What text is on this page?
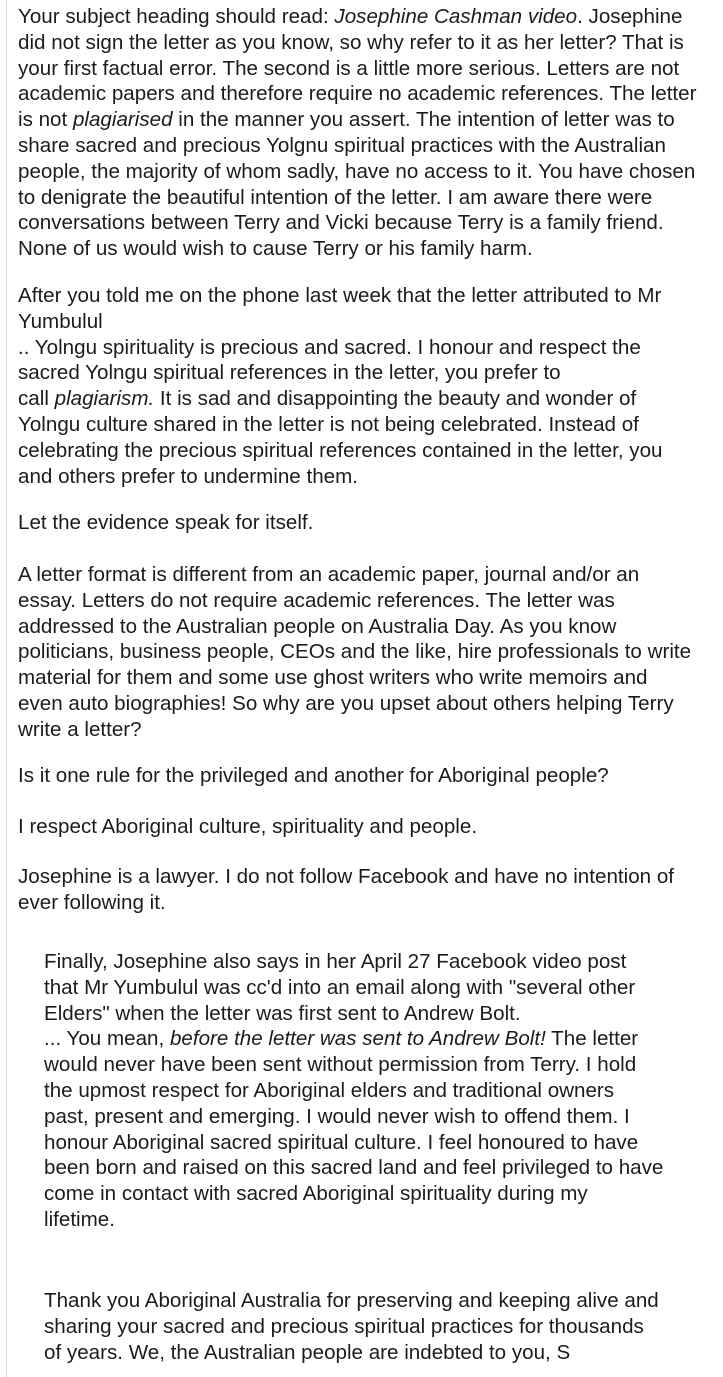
Your subject heading should read: Josephine Cashman video. Josephine
did not sign the letter as you know, so why refer to it as her letter? That is
your first factual error. The second is a little more serious. Letters are not
academic papers and therefore require no academic references. The letter
is not plagiarised in the manner you assert. The intention of letter was to
share sacred and precious Yolgnu spiritual practices with the Australian
people, the majority of whom sadly, have no access to it. You have chosen
to denigrate the beautiful intention of the letter. I am aware there were
conversations between Terry and Vicki because Terry is a family friend.
None of us would wish to cause Terry or his family harm.
After you told me on the phone last week that the letter attributed to Mr
Yumbulul
.. Yolngu spirituality is precious and sacred. I honour and respect the
sacred Yolngu spiritual references in the letter, you prefer to
call plagiarism. It is sad and disappointing the beauty and wonder of
Yolngu culture shared in the letter is not being celebrated. Instead of
celebrating the precious spiritual references contained in the letter, you
and others prefer to undermine them.
Let the evidence speak for itself.
A letter format is different from an academic paper, journal and/or an
essay. Letters do not require academic references. The letter was
addressed to the Australian people on Australia Day. As you know
politicians, business people, CEOs and the like, hire professionals to write
material for them and some use ghost writers who write memoirs and
even auto biographies! So why are you upset about others helping Terry
write a letter?
Is it one rule for the privileged and another for Aboriginal people?
I respect Aboriginal culture, spirituality and people.
Josephine is a lawyer. I do not follow Facebook and have no intention of
ever following it.
Finally, Josephine also says in her April 27 Facebook video post
that Mr Yumbulul was cc'd into an email along with "several other
Elders" when the letter was first sent to Andrew Bolt.
... You mean, before the letter was sent to Andrew Bolt! The letter
would never have been sent without permission from Terry. I hold
the upmost respect for Aboriginal elders and traditional owners
past, present and emerging. I would never wish to offend them. I
honour Aboriginal sacred spiritual culture. I feel honoured to have
been born and raised on this sacred land and feel privileged to have
come in contact with sacred Aboriginal spirituality during my
lifetime.
Thank you Aboriginal Australia for preserving and keeping alive and
sharing your sacred and precious spiritual practices for thousands
of years. We, the Australian people are indebted to you, S
